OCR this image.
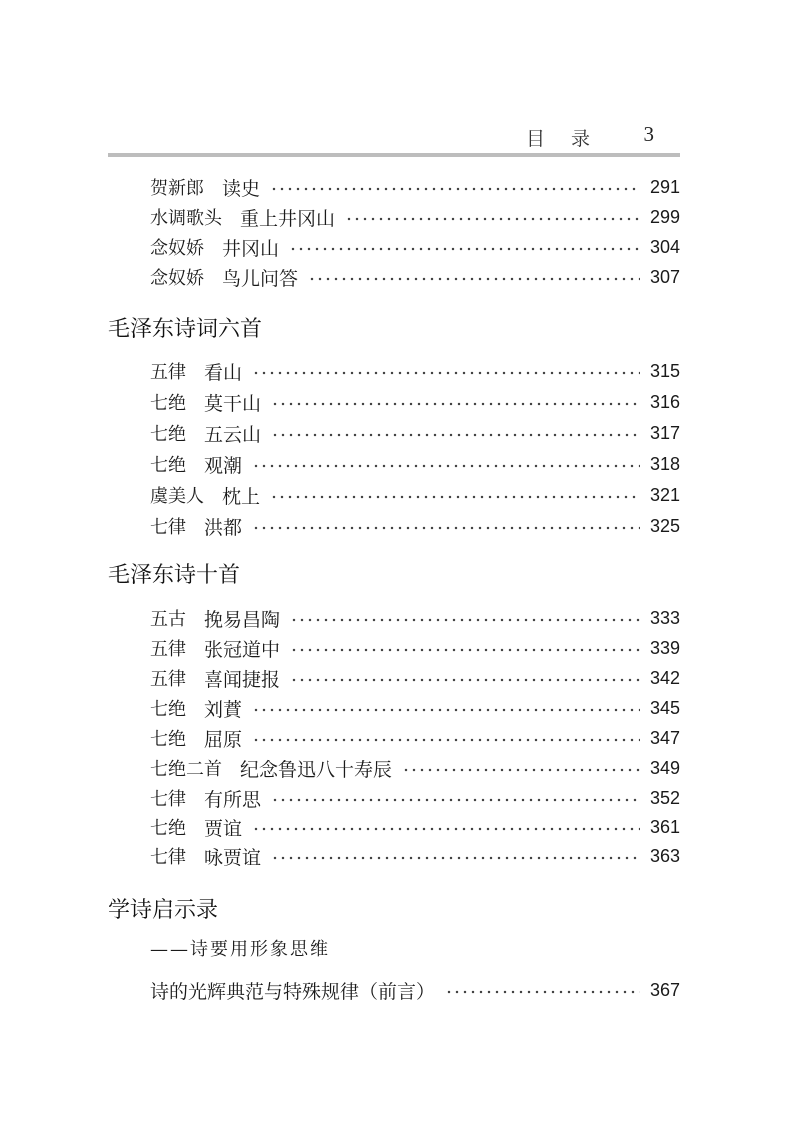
目 录 3
贺新郎 读史	291
水调歌头 重上井冈山	299
念奴娇 井冈山	304
念奴娇 鸟儿问答	307
毛泽东诗词六首
五律 看山	315
七绝 莫干山	316
七绝 五云山	317
七绝 观潮	318
虞美人 枕上	321
七律 洪都	325
毛泽东诗十首
五古 挽易昌陶	333
五律 张冠道中	339
五律 喜闻捷报	342
七绝 刘蕡	345
七绝 屈原	347
七绝二首 纪念鲁迅八十寿辰	349
七律 有所思	352
七绝 贾谊	361
七律 咏贾谊	363
学诗启示录
——诗要用形象思维
诗的光辉典范与特殊规律（前言）	367
